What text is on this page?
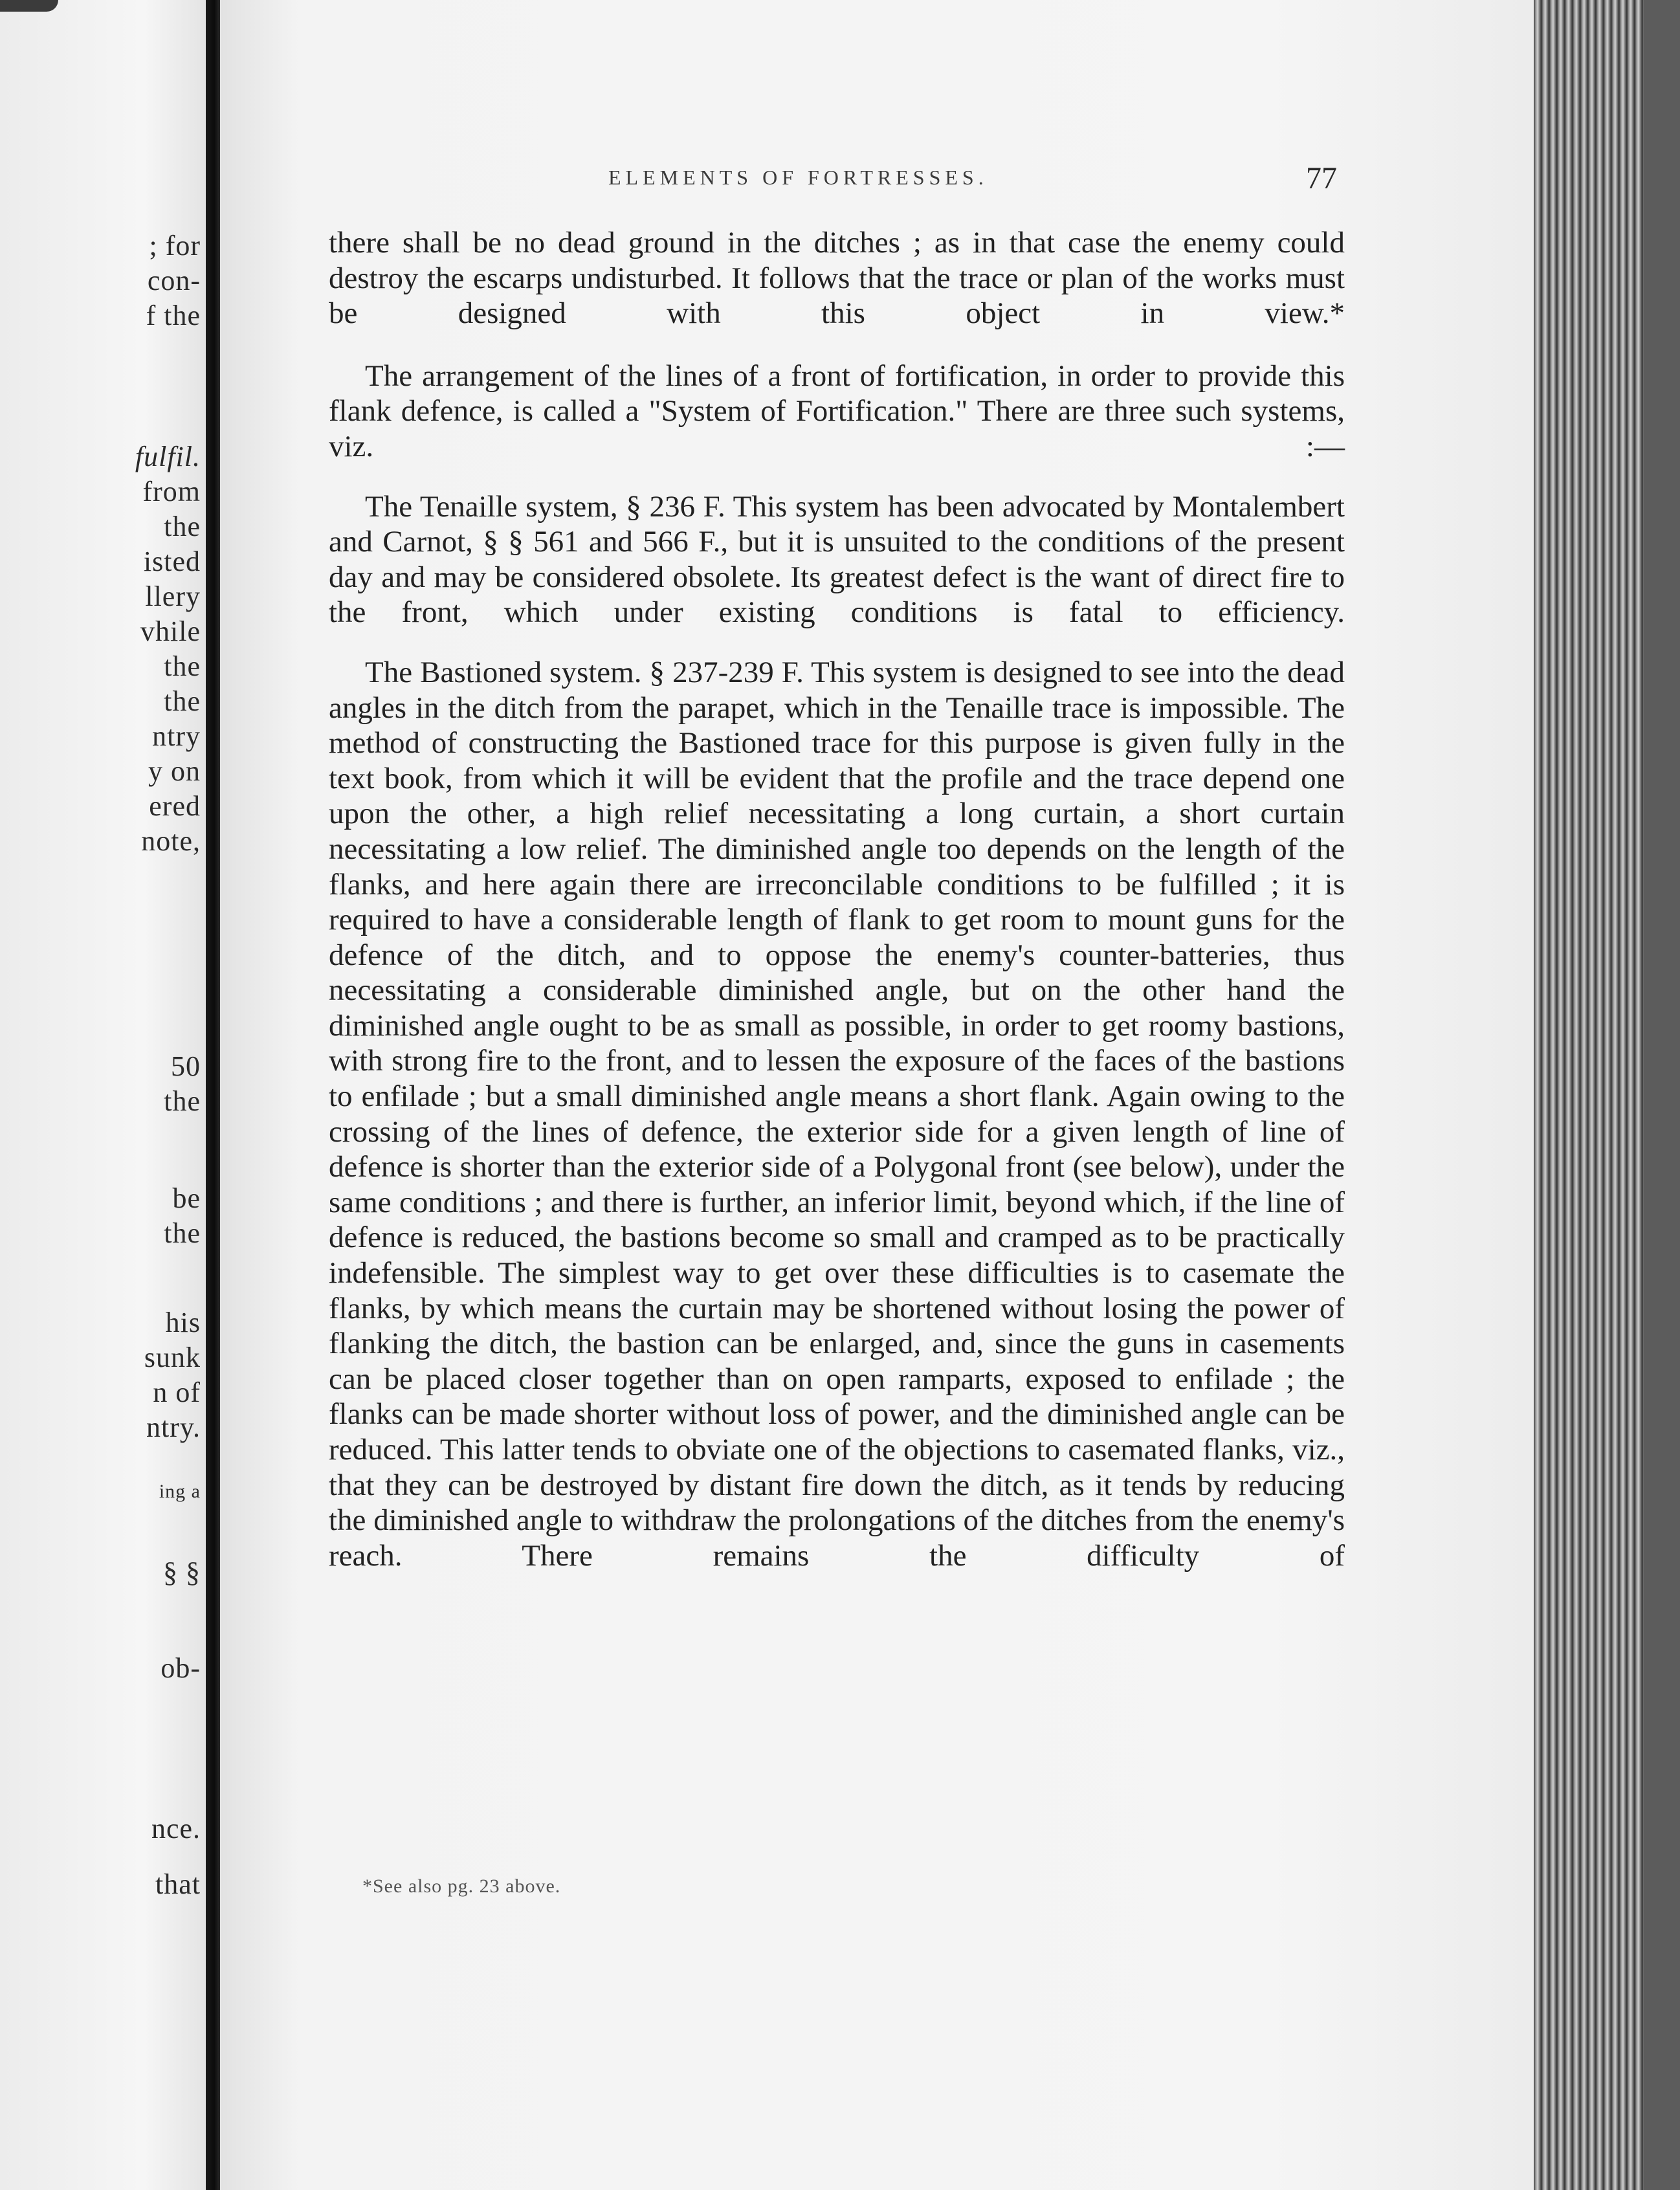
; for
con-
f the
fulfil.
from
the
isted
llery
vhile
the
the
ntry
y on
ered
note,
50
the
be
the
his
sunk
n of
ntry.
ing a
§ §
ob-
nce.
that
ELEMENTS OF FORTRESSES.	77

there shall be no dead ground in the ditches ; as in that case the enemy could destroy the escarps undisturbed. It follows that the trace or plan of the works must be designed with this object in view.*

The arrangement of the lines of a front of fortification, in order to provide this flank defence, is called a "System of Fortification." There are three such systems, viz. :—

The Tenaille system, § 236 F. This system has been advocated by Montalembert and Carnot, § § 561 and 566 F., but it is unsuited to the conditions of the present day and may be considered obsolete. Its greatest defect is the want of direct fire to the front, which under existing conditions is fatal to efficiency.

The Bastioned system. § 237-239 F. This system is designed to see into the dead angles in the ditch from the parapet, which in the Tenaille trace is impossible. The method of constructing the Bastioned trace for this purpose is given fully in the text book, from which it will be evident that the profile and the trace depend one upon the other, a high relief necessitating a long curtain, a short curtain necessitating a low relief. The diminished angle too depends on the length of the flanks, and here again there are irreconcilable conditions to be fulfilled ; it is required to have a considerable length of flank to get room to mount guns for the defence of the ditch, and to oppose the enemy's counter-batteries, thus necessitating a considerable diminished angle, but on the other hand the diminished angle ought to be as small as possible, in order to get roomy bastions, with strong fire to the front, and to lessen the exposure of the faces of the bastions to enfilade ; but a small diminished angle means a short flank. Again owing to the crossing of the lines of defence, the exterior side for a given length of line of defence is shorter than the exterior side of a Polygonal front (see below), under the same conditions ; and there is further, an inferior limit, beyond which, if the line of defence is reduced, the bastions become so small and cramped as to be practically indefensible. The simplest way to get over these difficulties is to casemate the flanks, by which means the curtain may be shortened without losing the power of flanking the ditch, the bastion can be enlarged, and, since the guns in casements can be placed closer together than on open ramparts, exposed to enfilade ; the flanks can be made shorter without loss of power, and the diminished angle can be reduced. This latter tends to obviate one of the objections to casemated flanks, viz., that they can be destroyed by distant fire down the ditch, as it tends by reducing the diminished angle to withdraw the prolongations of the ditches from the enemy's reach. There remains the difficulty of

*See also pg. 23 above.
